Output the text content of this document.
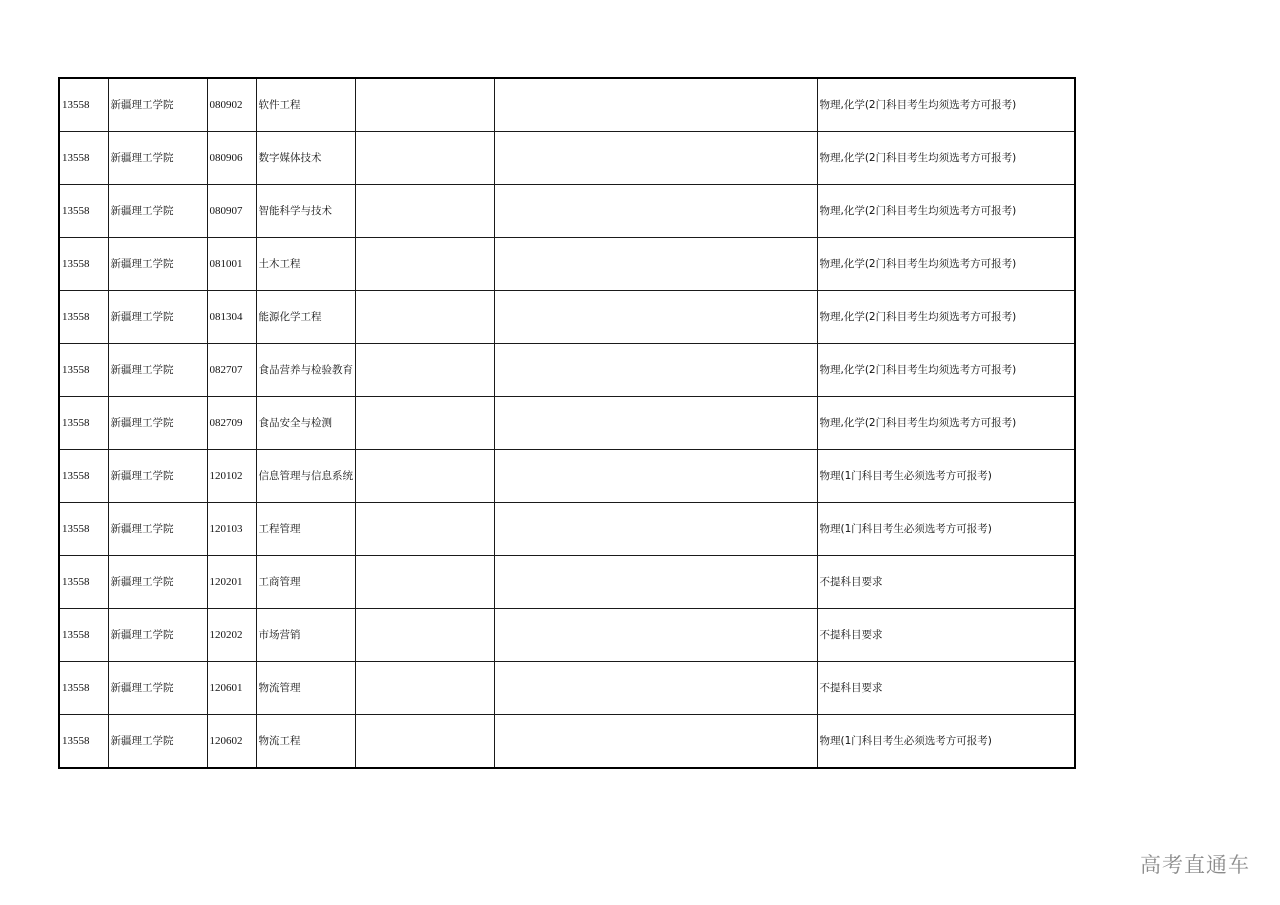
13558	新疆理工学院	080902	软件工程			物理,化学(2门科目考生均须选考方可报考)
13558	新疆理工学院	080906	数字媒体技术			物理,化学(2门科目考生均须选考方可报考)
13558	新疆理工学院	080907	智能科学与技术			物理,化学(2门科目考生均须选考方可报考)
13558	新疆理工学院	081001	土木工程			物理,化学(2门科目考生均须选考方可报考)
13558	新疆理工学院	081304	能源化学工程			物理,化学(2门科目考生均须选考方可报考)
13558	新疆理工学院	082707	食品营养与检验教育			物理,化学(2门科目考生均须选考方可报考)
13558	新疆理工学院	082709	食品安全与检测			物理,化学(2门科目考生均须选考方可报考)
13558	新疆理工学院	120102	信息管理与信息系统			物理(1门科目考生必须选考方可报考)
13558	新疆理工学院	120103	工程管理			物理(1门科目考生必须选考方可报考)
13558	新疆理工学院	120201	工商管理			不提科目要求
13558	新疆理工学院	120202	市场营销			不提科目要求
13558	新疆理工学院	120601	物流管理			不提科目要求
13558	新疆理工学院	120602	物流工程			物理(1门科目考生必须选考方可报考)
高考直通车
